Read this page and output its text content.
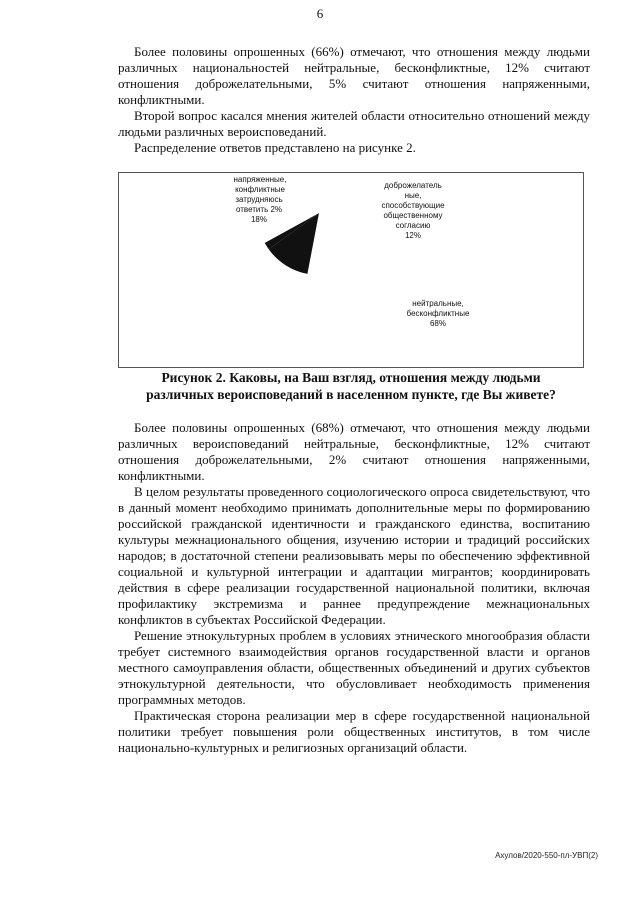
6

Более половины опрошенных (66%) отмечают, что отношения между людьми различных национальностей нейтральные, бесконфликтные, 12% считают отношения доброжелательными, 5% считают отношения напряженными, конфликтными.

Второй вопрос касался мнения жителей области относительно отношений между людьми различных вероисповеданий.

Распределение ответов представлено на рисунке 2.

напряженные,
конфликтные
затрудняюсь
ответить 2%
18%
доброжелатель
ные,
способствующие
общественному
согласию
12%
нейтральные,
бесконфликтные
68%
Рисунок 2. Каковы, на Ваш взгляд, отношения между людьми
различных вероисповеданий в населенном пункте, где Вы живете?

Более половины опрошенных (68%) отмечают, что отношения между людьми различных вероисповеданий нейтральные, бесконфликтные, 12% считают отношения доброжелательными, 2% считают отношения напряженными, конфликтными.

В целом результаты проведенного социологического опроса свидетельствуют, что в данный момент необходимо принимать дополнительные меры по формированию российской гражданской идентичности и гражданского единства, воспитанию культуры межнационального общения, изучению истории и традиций российских народов; в достаточной степени реализовывать меры по обеспечению эффективной социальной и культурной интеграции и адаптации мигрантов; координировать действия в сфере реализации государственной национальной политики, включая профилактику экстремизма и раннее предупреждение межнациональных конфликтов в субъектах Российской Федерации.

Решение этнокультурных проблем в условиях этнического многообразия области требует системного взаимодействия органов государственной власти и органов местного самоуправления области, общественных объединений и других субъектов этнокультурной деятельности, что обусловливает необходимость применения программных методов.

Практическая сторона реализации мер в сфере государственной национальной политики требует повышения роли общественных институтов, в том числе национально-культурных и религиозных организаций области.

Ахулов/2020-550-пл-УВП(2)
